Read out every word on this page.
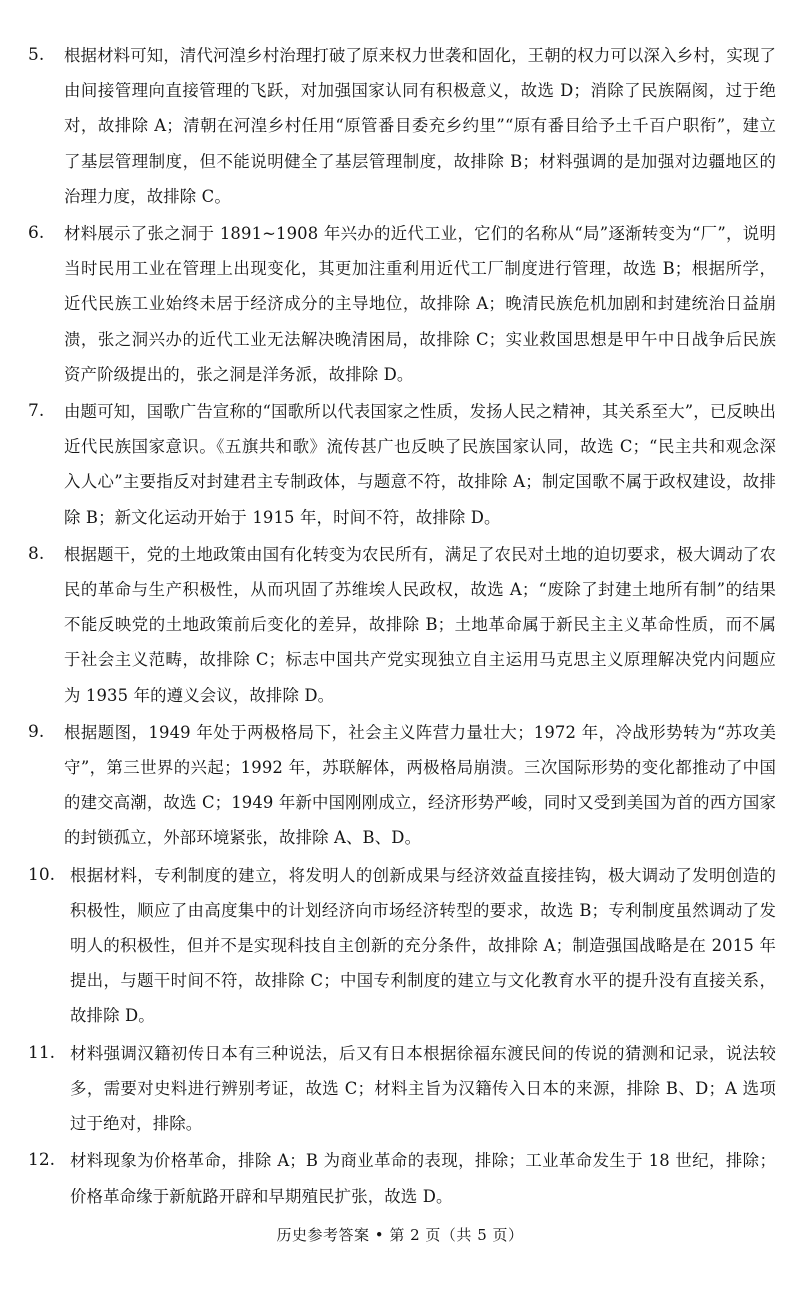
5.	根据材料可知，清代河湟乡村治理打破了原来权力世袭和固化，王朝的权力可以深入乡村，实现了由间接管理向直接管理的飞跃，对加强国家认同有积极意义，故选 D；消除了民族隔阂，过于绝对，故排除 A；清朝在河湟乡村任用“原管番目委充乡约里”“原有番目给予土千百户职衔”，建立了基层管理制度，但不能说明健全了基层管理制度，故排除 B；材料强调的是加强对边疆地区的治理力度，故排除 C。

6.	材料展示了张之洞于 1891~1908 年兴办的近代工业，它们的名称从“局”逐渐转变为“厂”，说明当时民用工业在管理上出现变化，其更加注重利用近代工厂制度进行管理，故选 B；根据所学，近代民族工业始终未居于经济成分的主导地位，故排除 A；晚清民族危机加剧和封建统治日益崩溃，张之洞兴办的近代工业无法解决晚清困局，故排除 C；实业救国思想是甲午中日战争后民族资产阶级提出的，张之洞是洋务派，故排除 D。

7.	由题可知，国歌广告宣称的“国歌所以代表国家之性质，发扬人民之精神，其关系至大”，已反映出近代民族国家意识。《五旗共和歌》流传甚广也反映了民族国家认同，故选 C；“民主共和观念深入人心”主要指反对封建君主专制政体，与题意不符，故排除 A；制定国歌不属于政权建设，故排除 B；新文化运动开始于 1915 年，时间不符，故排除 D。

8.	根据题干，党的土地政策由国有化转变为农民所有，满足了农民对土地的迫切要求，极大调动了农民的革命与生产积极性，从而巩固了苏维埃人民政权，故选 A；“废除了封建土地所有制”的结果不能反映党的土地政策前后变化的差异，故排除 B；土地革命属于新民主主义革命性质，而不属于社会主义范畴，故排除 C；标志中国共产党实现独立自主运用马克思主义原理解决党内问题应为 1935 年的遵义会议，故排除 D。

9.	根据题图，1949 年处于两极格局下，社会主义阵营力量壮大；1972 年，冷战形势转为“苏攻美守”，第三世界的兴起；1992 年，苏联解体，两极格局崩溃。三次国际形势的变化都推动了中国的建交高潮，故选 C；1949 年新中国刚刚成立，经济形势严峻，同时又受到美国为首的西方国家的封锁孤立，外部环境紧张，故排除 A、B、D。

10. 根据材料，专利制度的建立，将发明人的创新成果与经济效益直接挂钩，极大调动了发明创造的积极性，顺应了由高度集中的计划经济向市场经济转型的要求，故选 B；专利制度虽然调动了发明人的积极性，但并不是实现科技自主创新的充分条件，故排除 A；制造强国战略是在 2015 年提出，与题干时间不符，故排除 C；中国专利制度的建立与文化教育水平的提升没有直接关系，故排除 D。

11. 材料强调汉籍初传日本有三种说法，后又有日本根据徐福东渡民间的传说的猜测和记录，说法较多，需要对史料进行辨别考证，故选 C；材料主旨为汉籍传入日本的来源，排除 B、D；A 选项过于绝对，排除。

12. 材料现象为价格革命，排除 A；B 为商业革命的表现，排除；工业革命发生于 18 世纪，排除；价格革命缘于新航路开辟和早期殖民扩张，故选 D。

历史参考答案 • 第 2 页（共 5 页）
